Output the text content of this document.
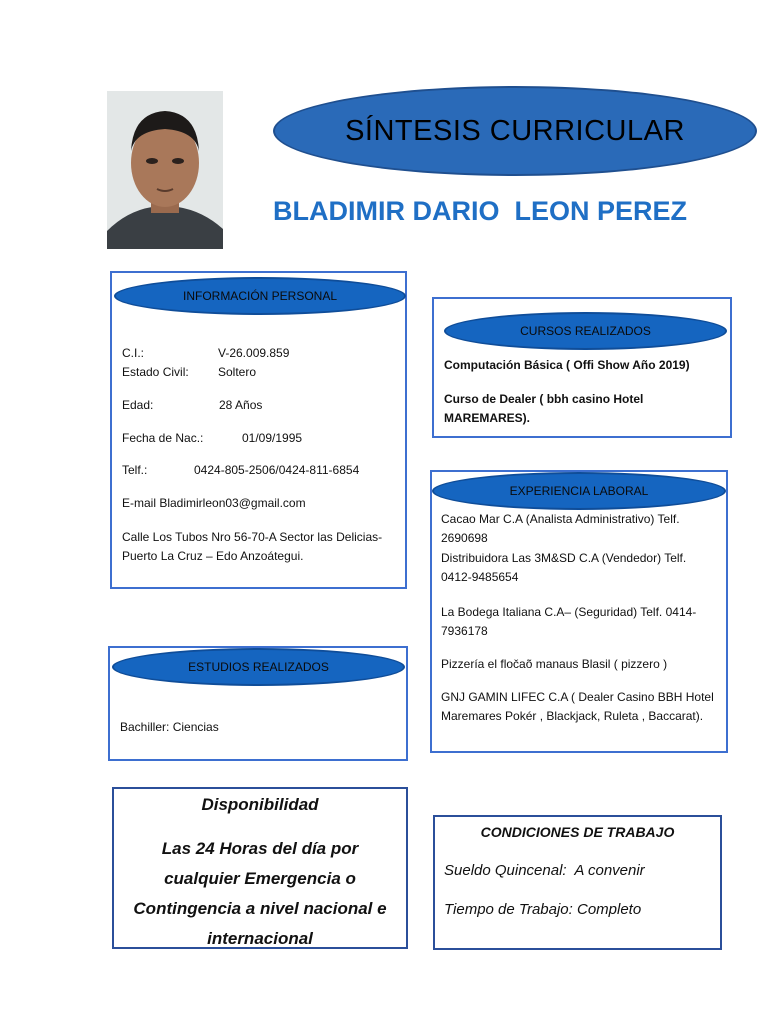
SÍNTESIS CURRICULAR
BLADIMIR DARIO  LEON PEREZ
INFORMACIÓN PERSONAL
C.I.:	V-26.009.859
Estado Civil: Soltero
Edad:	28 Años
Fecha de Nac.:	01/09/1995
Telf.:	0424-805-2506/0424-811-6854
E-mail Bladimirleon03@gmail.com
Calle Los Tubos Nro 56-70-A Sector las Delicias- Puerto La Cruz – Edo Anzoátegui.
ESTUDIOS REALIZADOS
Bachiller: Ciencias
CURSOS REALIZADOS
Computación Básica ( Offi Show Año 2019)
Curso de Dealer ( bbh casino Hotel MAREMARES).
EXPERIENCIA LABORAL
Cacao Mar C.A (Analista Administrativo) Telf. 2690698
Distribuidora Las 3M&SD C.A (Vendedor) Telf. 0412-9485654
La Bodega Italiana C.A– (Seguridad) Telf. 0414-7936178
Pizzería el fločaõ manaus Blasil ( pizzero )
GNJ GAMIN LIFEC C.A ( Dealer Casino BBH Hotel Maremares Pokér , Blackjack, Ruleta , Baccarat).
Disponibilidad
Las 24 Horas del día por cualquier Emergencia o Contingencia a nivel nacional e internacional
CONDICIONES DE TRABAJO
Sueldo Quincenal:  A convenir
Tiempo de Trabajo: Completo
